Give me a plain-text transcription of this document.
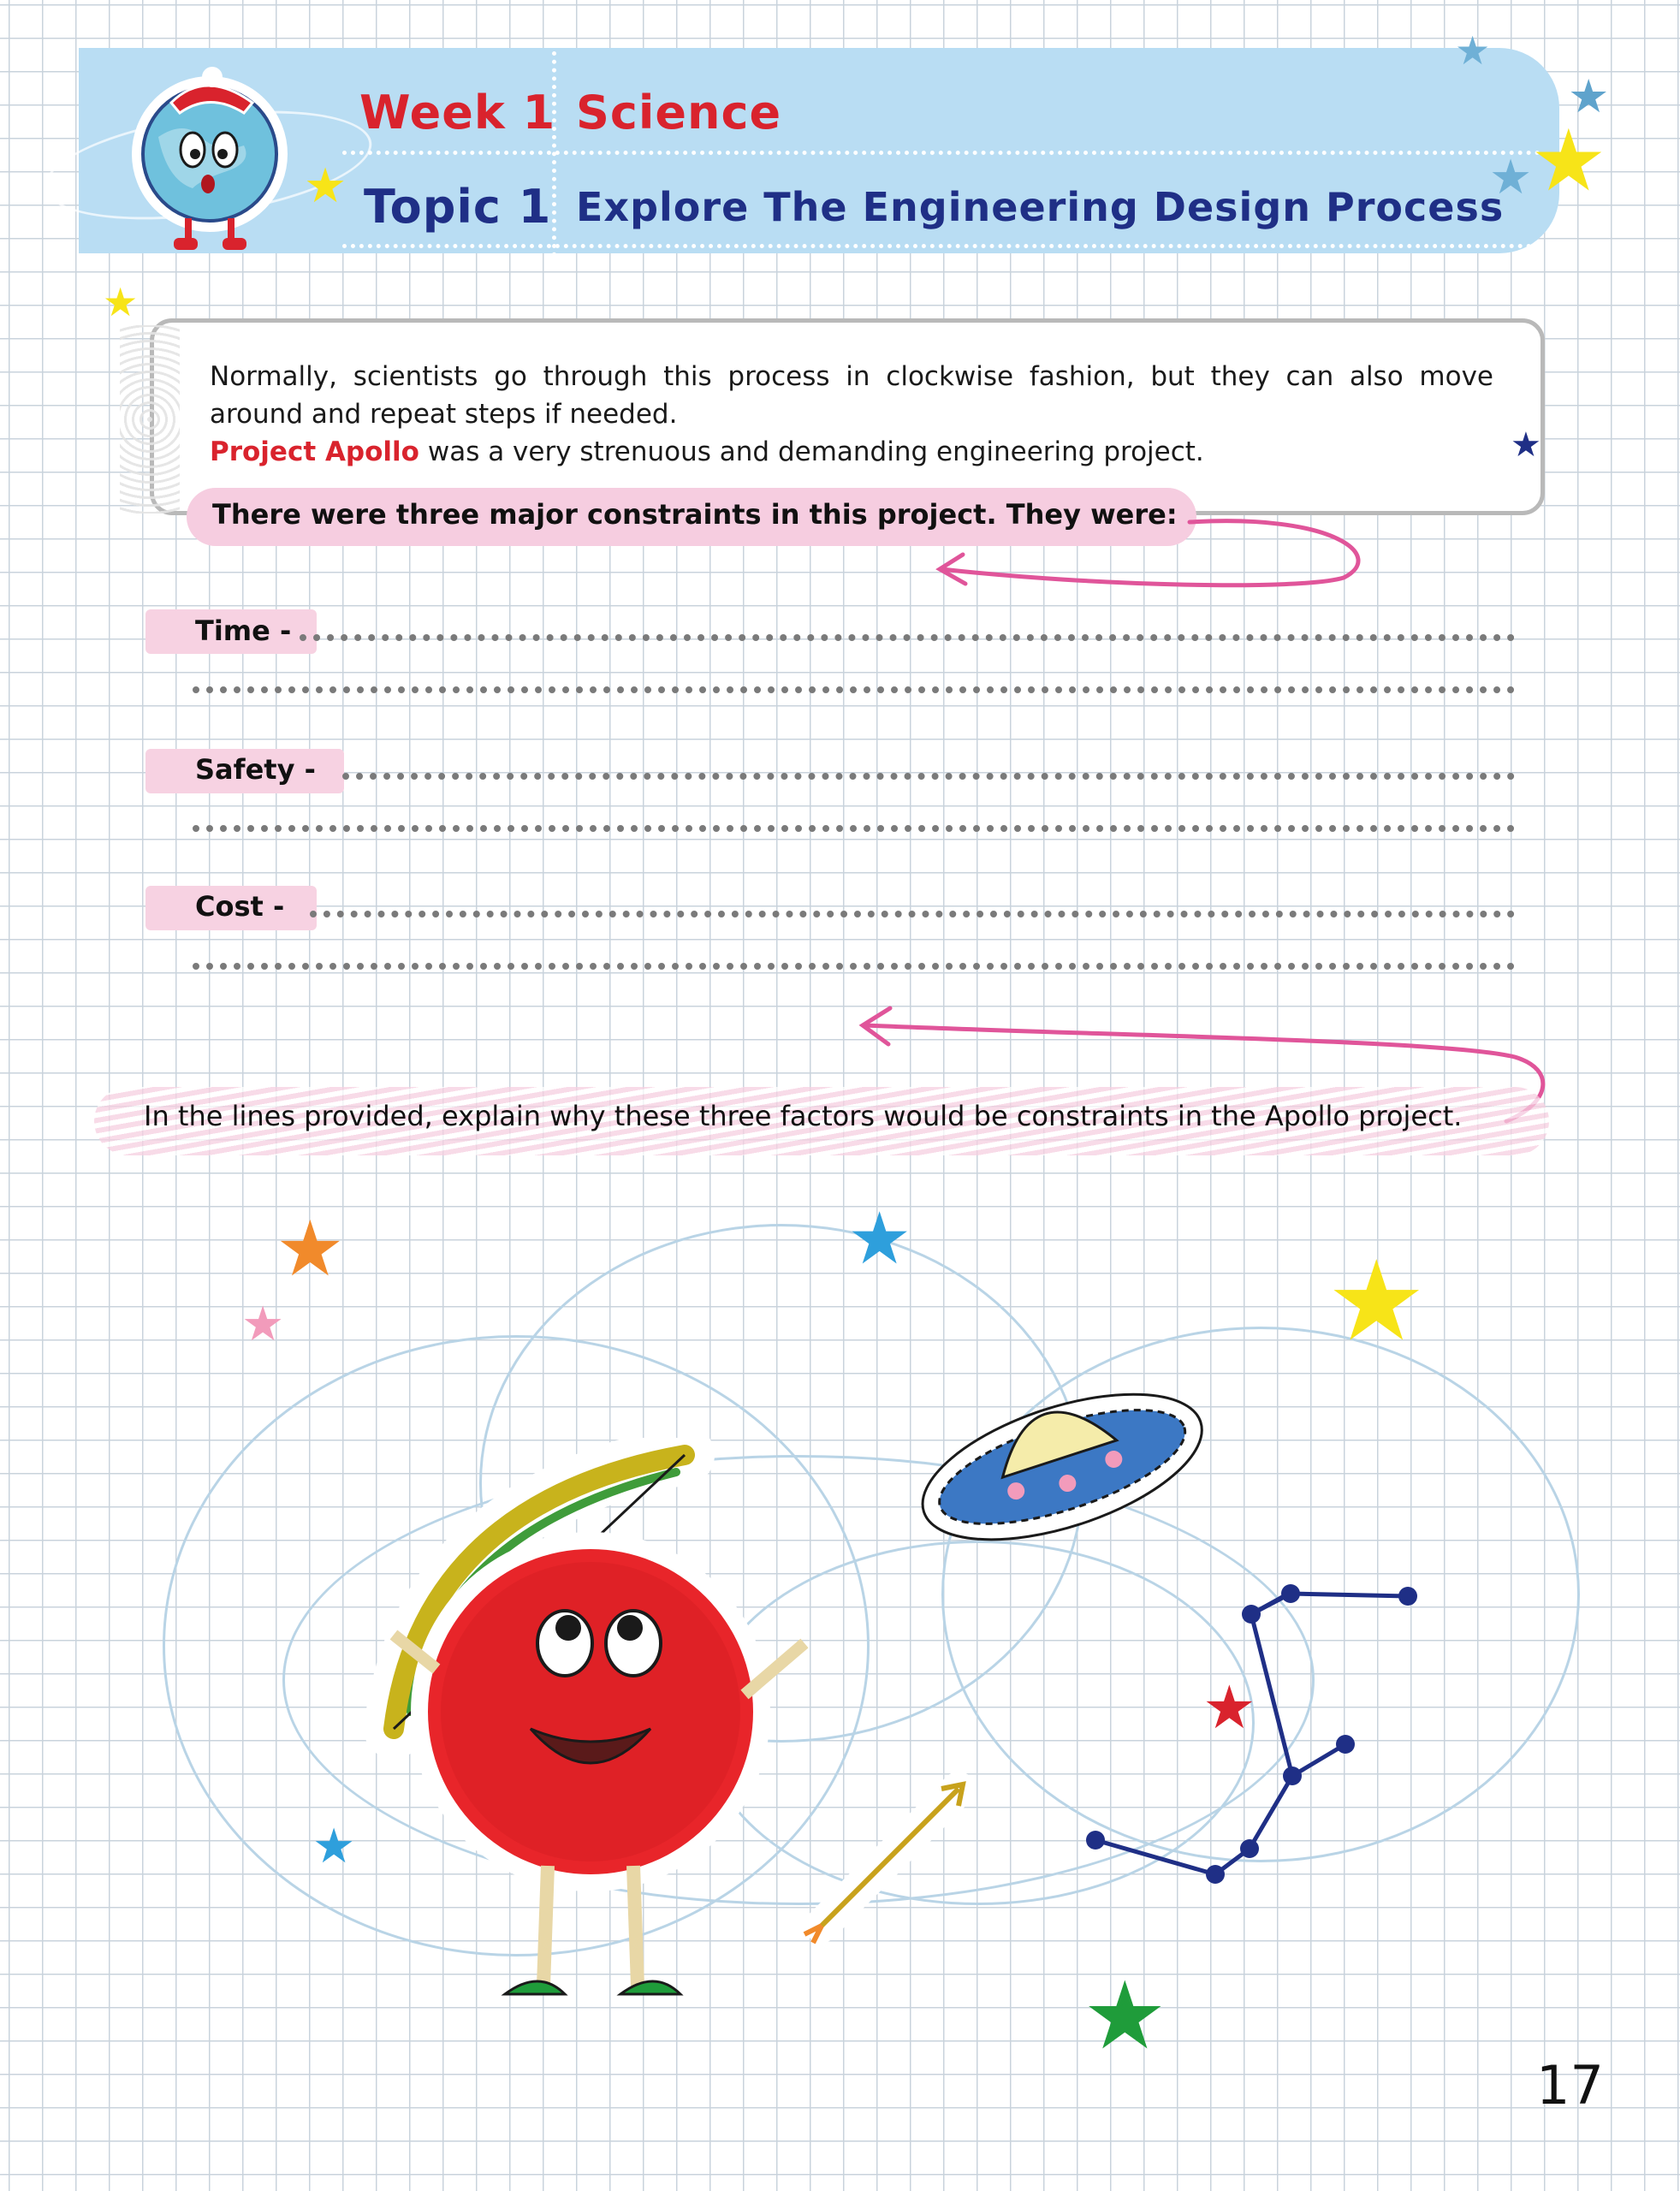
Week 1 Science
Topic 1 Explore The Engineering Design Process
★
★
★
★
★
★
Normally, scientists go through this process in clockwise fashion, but they can also move around and repeat steps if needed.
Project Apollo was a very strenuous and demanding engineering project.	★
There were three major constraints in this project. They were:
Time -
Safety -
Cost -
In the lines provided, explain why these three factors would be constraints in the Apollo project.
★	★	★
★
★
★
★
17
